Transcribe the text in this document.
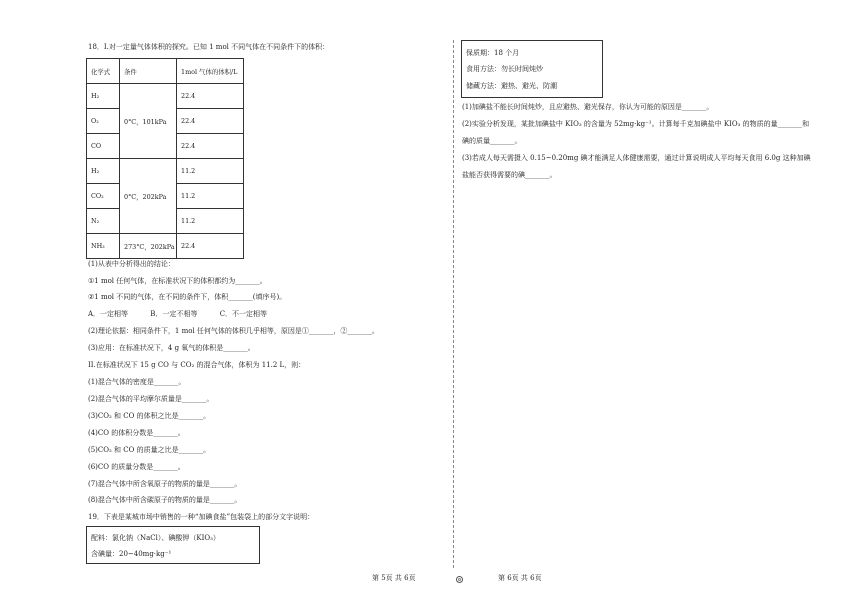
18．I.对一定量气体体积的探究。已知 1 mol 不同气体在不同条件下的体积：
化学式	条件	1mol 气体的体积/L
H₂	0°C，101kPa	22.4
O₂		22.4
CO		22.4
H₂	0°C，202kPa	11.2
CO₂		11.2
N₂		11.2
NH₃	273°C，202kPa	22.4
(1)从表中分析得出的结论：
①1 mol 任何气体，在标准状况下的体积都约为_______。
②1 mol 不同的气体，在不同的条件下，体积_______(填序号)。
A．一定相等          B．一定不相等          C．不一定相等
(2)理论依据：相同条件下，1 mol 任何气体的体积几乎相等，原因是①_______，②_______。
(3)应用：在标准状况下，4 g 氧气的体积是_______。
II.在标准状况下 15 g CO 与 CO₂ 的混合气体，体积为 11.2 L，则：
(1)混合气体的密度是_______。
(2)混合气体的平均摩尔质量是_______。
(3)CO₂ 和 CO 的体积之比是_______。
(4)CO 的体积分数是_______。
(5)CO₂ 和 CO 的质量之比是_______。
(6)CO 的质量分数是_______。
(7)混合气体中所含氧原子的物质的量是_______。
(8)混合气体中所含碳原子的物质的量是_______。
19．下表是某城市场中销售的一种“加碘食盐”包装袋上的部分文字说明：
配料：氯化钠（NaCl）、碘酸钾（KIO₃）
含碘量：20~40mg·kg⁻¹
保质期：18 个月
食用方法：勿长时间炖炒
储藏方法：避热、避光、防潮
(1)加碘盐不能长时间炖炒，且应避热、避光保存，你认为可能的原因是_______。
(2)实验分析发现，某批加碘盐中 KIO₃ 的含量为 52mg·kg⁻¹。计算每千克加碘盐中 KIO₃ 的物质的量_______和
碘的质量_______。
(3)若成人每天需摄入 0.15~0.20mg 碘才能满足人体健康需要，通过计算说明成人平均每天食用 6.0g 这种加碘
盐能否获得需要的碘_______。
第 5页 共 6页	第 6页 共 6页
